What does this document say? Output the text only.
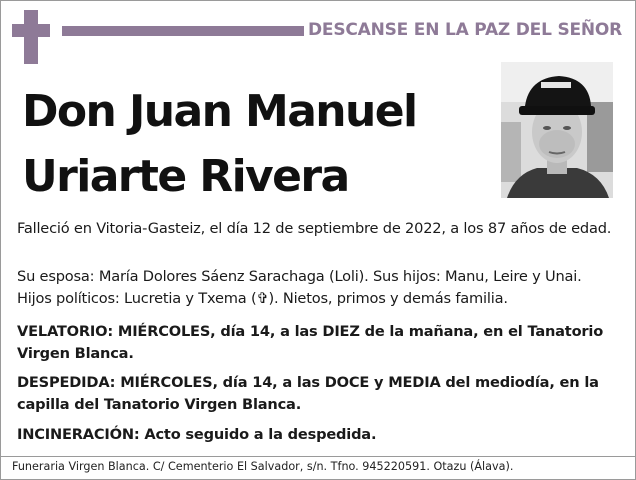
DESCANSE EN LA PAZ DEL SEÑOR
Don Juan Manuel
Uriarte Rivera
Falleció en Vitoria-Gasteiz, el día 12 de septiembre de 2022, a los 87 años de edad.
Su esposa: María Dolores Sáenz Sarachaga (Loli). Sus hijos: Manu, Leire y Unai. Hijos políticos: Lucretia y Txema (✞). Nietos, primos y demás familia.
VELATORIO: MIÉRCOLES, día 14, a las DIEZ de la mañana, en el Tanatorio Virgen Blanca.
DESPEDIDA: MIÉRCOLES, día 14, a las DOCE y MEDIA del mediodía, en la capilla del Tanatorio Virgen Blanca.
INCINERACIÓN: Acto seguido a la despedida.
Funeraria Virgen Blanca. C/ Cementerio El Salvador, s/n. Tfno. 945220591. Otazu (Álava).
